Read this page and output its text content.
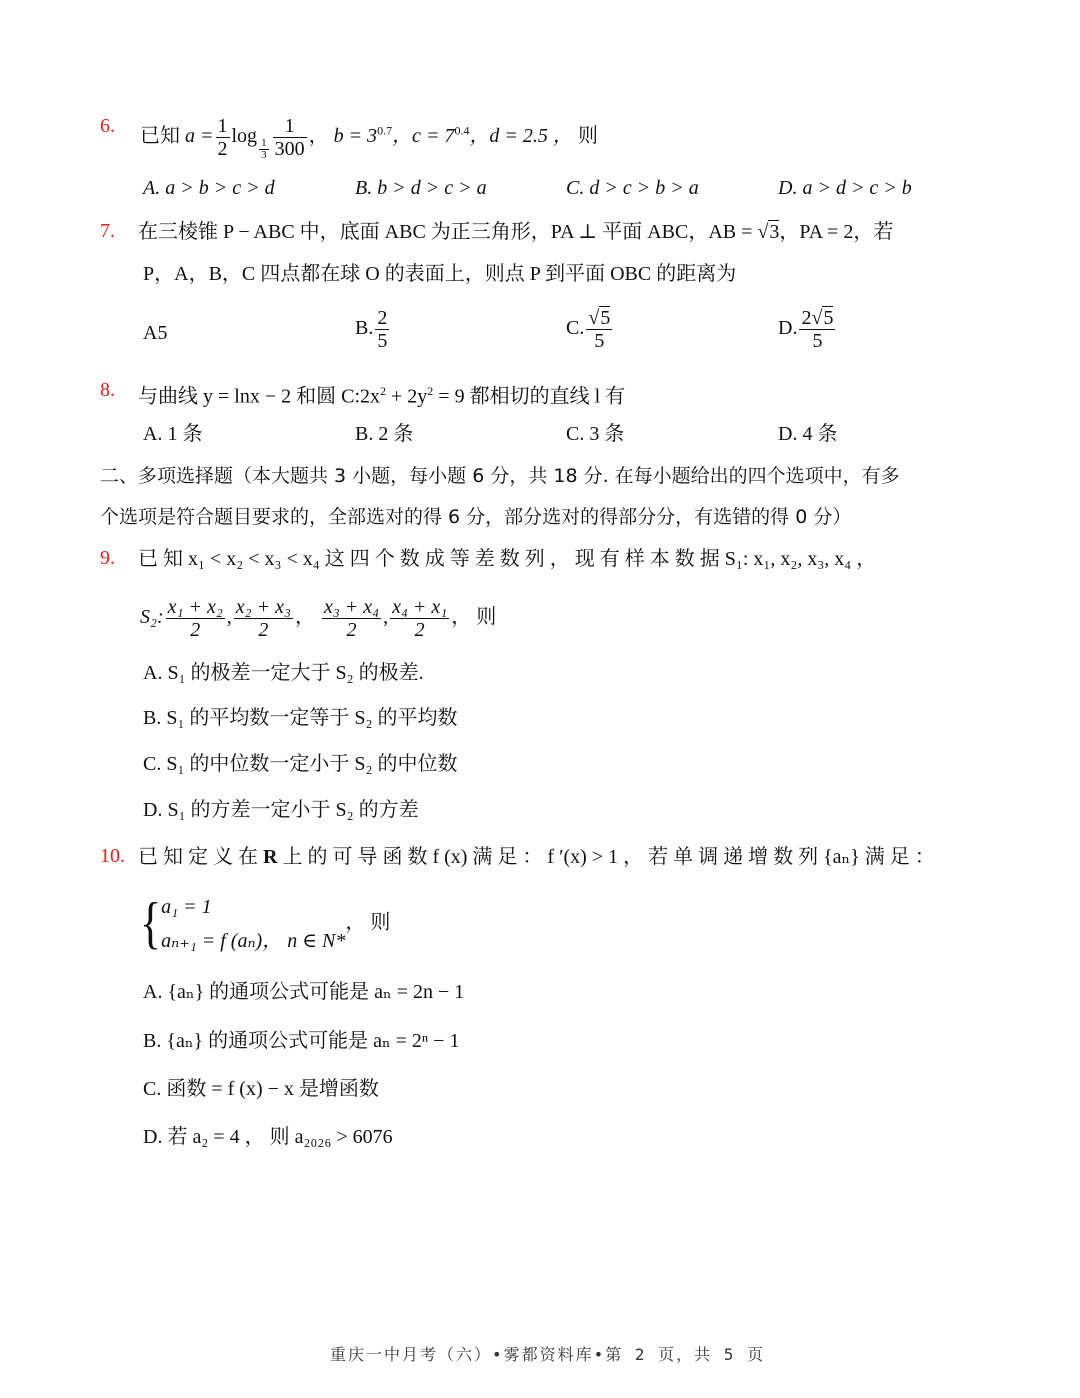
6. 已知 $a = \frac{1}{2}$ log
$\frac{1}{3} \frac{1}{300}$ ， $b = 3^{0.7}$，$c = 7^{0.4}$，d = 2.5 ， 则
A. a > b > c > d	B. b > d > c > a	C. d > c > b > a	D. a > d > c > b
7. 在三棱锥 P − ABC 中，底面 ABC 为正三角形，PA ⊥ 平面 ABC，AB = √3，PA = 2，若
P，A，B，C 四点都在球 O 的表面上，则点 P 到平面 OBC 的距离为
A5	B. $\frac{2}{5}$	C. $\frac{√5}{5}$	D. $\frac{2√5}{5}$
8. 与曲线 y = lnx − 2 和圆 $C:2x^2 + 2y^2 = 9$ 都相切的直线 l 有
A. 1 条	B. 2 条	C. 3 条	D. 4 条
二、多项选择题（本大题共 3 小题，每小题 6 分，共 18 分. 在每小题给出的四个选项中，有多
个选项是符合题目要求的，全部选对的得 6 分，部分选对的得部分分，有选错的得 0 分）
9. 已 知 x₁ < x₂ < x₃ < x₄ 这 四 个 数 成 等 差 数 列 ， 现 有 样 本 数 据 S₁: x₁, x₂, x₃, x₄ ，
S₂: $\frac{\text{x₁ + x₂}}{2}$ , $\frac{\text{x₂ + x₃}}{2}$ ， $\frac{\text{x₃ + x₄}}{2}$ , $\frac{\text{x₄ + x₁}}{2}$ ， 则
A. S₁ 的极差一定大于 S₂ 的极差.
B. S₁ 的平均数一定等于 S₂ 的平均数
C. S₁ 的中位数一定小于 S₂ 的中位数
D. S₁ 的方差一定小于 S₂ 的方差
10. 已 知 定 义 在 R 上 的 可 导 函 数 f (x) 满 足 ： f ′(x) > 1 ， 若 单 调 递 增 数 列 {aₙ} 满 足 ：
{ a₁ = 1
aₙ₊₁ = f (aₙ)， n ∈ N*
， 则
A. {aₙ} 的通项公式可能是 aₙ = 2n − 1
B. {aₙ} 的通项公式可能是 aₙ = 2ⁿ − 1
C. 函数 = f (x) − x 是增函数
D. 若 a₂ = 4 ， 则 a₂₀₂₆ > 6076
重庆一中月考（六）•雾都资料库•第 2 页，共 5 页
